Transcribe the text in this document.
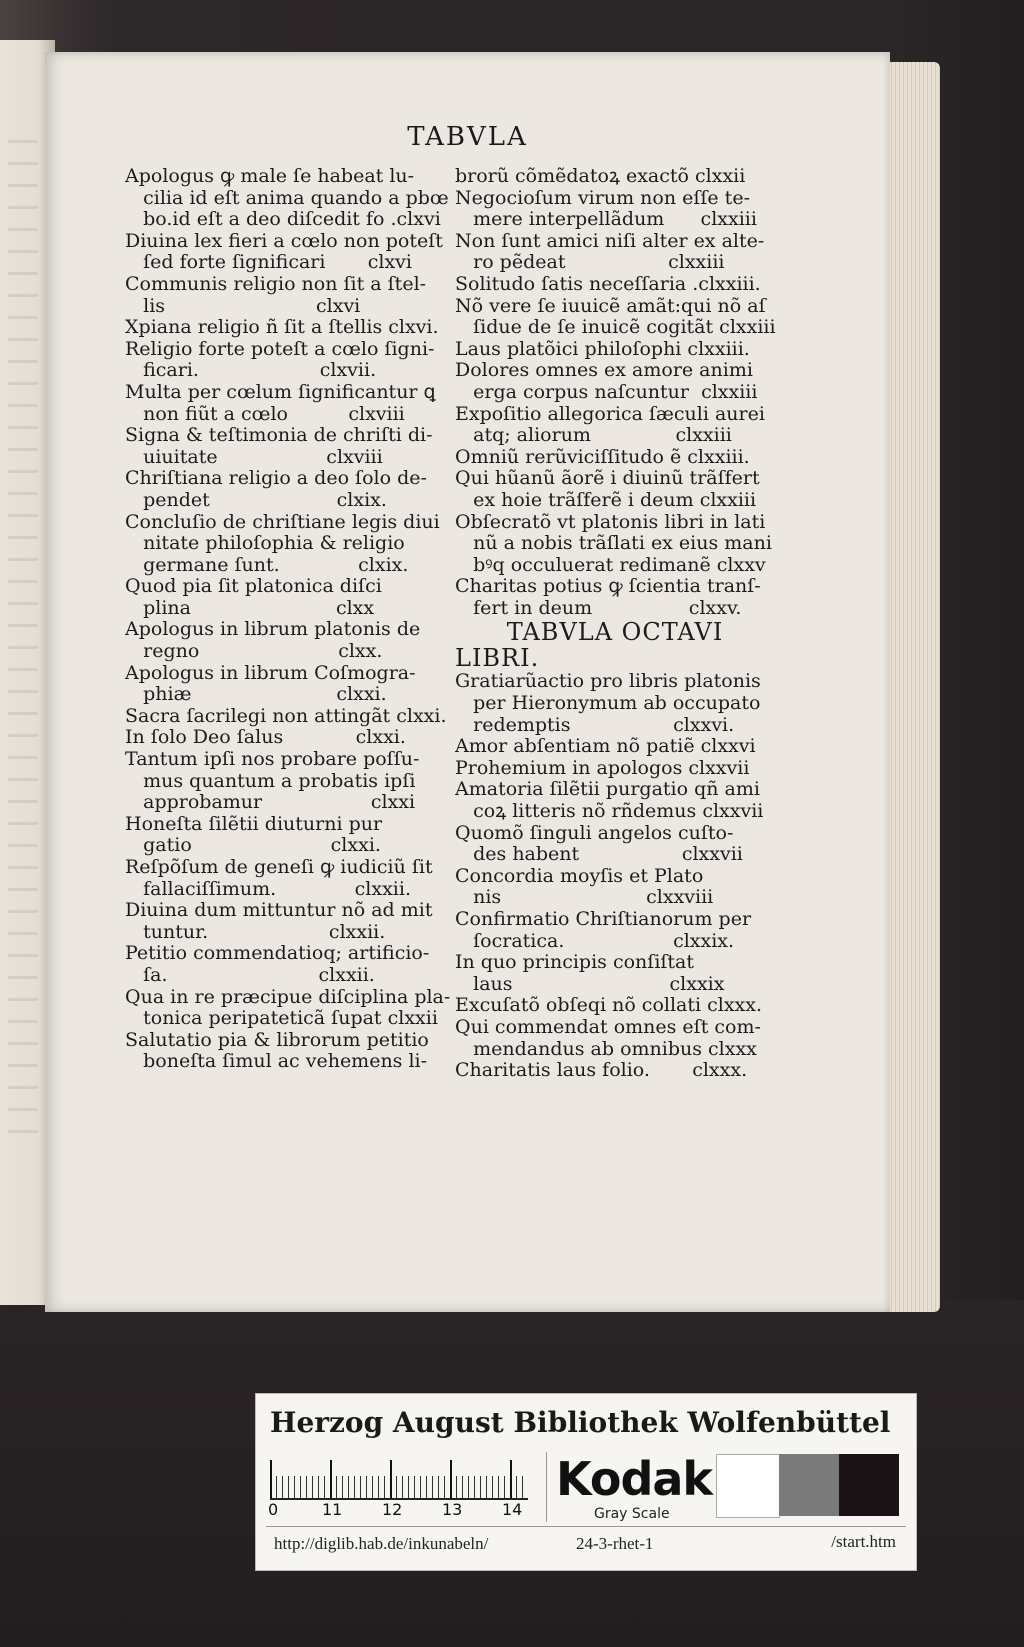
TABVLA
Apologus ꝙ male ſe habeat lu-
cilia id eſt anima quando a pbœ
bo.id eſt a deo diſcedit fo .clxvi
Diuina lex fieri a cœlo non poteſt
ſed forte ſignificari       clxvi
Communis religio non ſit a ſtel-
lis                         clxvi
Xpiana religio ñ ſit a ſtellis clxvi.
Religio forte poteſt a cœlo ſigni-
ficari.                    clxvii.
Multa per cœlum ſignificantur ꝗ
non fiũt a cœlo          clxviii
Signa & teſtimonia de chriſti di-
uiuitate                  clxviii
Chriſtiana religio a deo ſolo de-
pendet                     clxix.
Concluſio de chriſtiane legis diui
nitate philoſophia & religio
germane ſunt.             clxix.
Quod pia ſit platonica diſci
plina                        clxx
Apologus in librum platonis de
regno                       clxx.
Apologus in librum Coſmogra-
phiæ                        clxxi.
Sacra ſacrilegi non attingãt clxxi.
In ſolo Deo ſalus            clxxi.
Tantum ipſi nos probare poſſu-
mus quantum a probatis ipſi
approbamur                  clxxi
Honeſta ſilẽtii diuturni pur
gatio                       clxxi.
Reſpõſum de geneſi ꝙ iudiciũ ſit
fallaciſſimum.             clxxii.
Diuina dum mittuntur nõ ad mit
tuntur.                    clxxii.
Petitio commendatioq; artificio-
ſa.                         clxxii.
Qua in re præcipue diſciplina pla-
tonica peripateticã ſupat clxxii
Salutatio pia & librorum petitio
boneſta ſimul ac vehemens li-
brorũ cõmẽdatoꝝ exactõ clxxii
Negocioſum virum non eſſe te-
mere interpellãdum      clxxiii
Non ſunt amici niſi alter ex alte-
ro pẽdeat                 clxxiii
Solitudo ſatis neceſſaria .clxxiii.
Nõ vere ſe iuuicẽ amãt:qui nõ aſ
ſidue de ſe inuicẽ cogitãt clxxiii
Laus platõici philoſophi clxxiii.
Dolores omnes ex amore animi
erga corpus naſcuntur  clxxiii
Expoſitio allegorica ſæculi aurei
atq; aliorum              clxxiii
Omniũ rerũviciſſitudo ẽ clxxiii.
Qui hũanũ ãorẽ i diuinũ trãſfert
ex hoie trãſferẽ i deum clxxiii
Obſecratõ vt platonis libri in lati
nũ a nobis trãſlati ex eius mani
bꝰq occuluerat redimanẽ clxxv
Charitas potius ꝙ ſcientia tranſ-
fert in deum                clxxv.
TABVLA OCTAVI
LIBRI.
Gratiarũactio pro libris platonis
per Hieronymum ab occupato
redemptis                 clxxvi.
Amor abſentiam nõ patiẽ clxxvi
Prohemium in apologos clxxvii
Amatoria ſilẽtii purgatio qñ ami
coꝝ litteris nõ rñdemus clxxvii
Quomõ ſinguli angelos cuſto-
des habent                 clxxvii
Concordia moyſis et Plato
nis                        clxxviii
Confirmatio Chriſtianorum per
ſocratica.                  clxxix.
In quo principis conſiſtat
laus                          clxxix
Excuſatõ obſeqi nõ collati clxxx.
Qui commendat omnes eſt com-
mendandus ab omnibus clxxx
Charitatis laus folio.       clxxx.
Herzog August Bibliothek Wolfenbüttel
0	11 12 13 14
Kodak
Gray Scale
http://diglib.hab.de/inkunabeln/	24-3-rhet-1	/start.htm
